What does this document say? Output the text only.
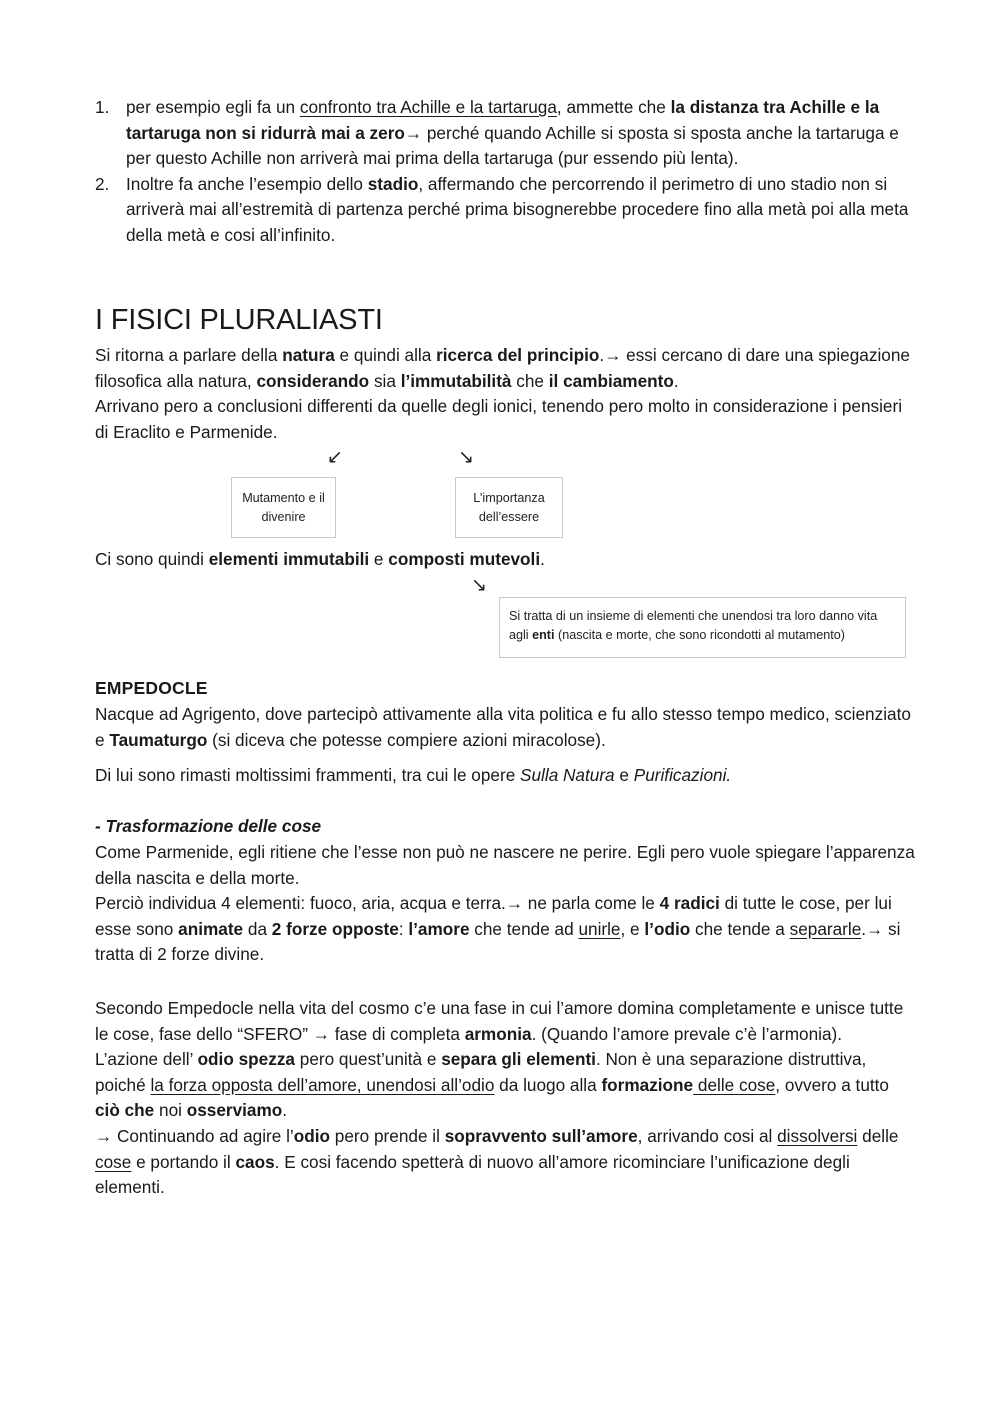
1. per esempio egli fa un confronto tra Achille e la tartaruga, ammette che la distanza tra Achille e la tartaruga non si ridurrà mai a zero→ perché quando Achille si sposta si sposta anche la tartaruga e per questo Achille non arriverà mai prima della tartaruga (pur essendo più lenta).
2. Inoltre fa anche l’esempio dello stadio, affermando che percorrendo il perimetro di uno stadio non si arriverà mai all’estremità di partenza perché prima bisognerebbe procedere fino alla metà poi alla meta della metà e cosi all’infinito.
I FISICI PLURALIASTI
Si ritorna a parlare della natura e quindi alla ricerca del principio.→ essi cercano di dare una spiegazione filosofica alla natura, considerando sia l’immutabilità che il cambiamento.
Arrivano pero a conclusioni differenti da quelle degli ionici, tenendo pero molto in considerazione i pensieri di Eraclito e Parmenide.
↙	↘
Mutamento e il divenire
L’importanza dell’essere
Ci sono quindi elementi immutabili e composti mutevoli.
↘
Si tratta di un insieme di elementi che unendosi tra loro danno vita agli enti (nascita e morte, che sono ricondotti al mutamento)
EMPEDOCLE
Nacque ad Agrigento, dove partecipò attivamente alla vita politica e fu allo stesso tempo medico, scienziato e Taumaturgo (si diceva che potesse compiere azioni miracolose).
Di lui sono rimasti moltissimi frammenti, tra cui le opere Sulla Natura e Purificazioni.
- Trasformazione delle cose
Come Parmenide, egli ritiene che l’esse non può ne nascere ne perire. Egli pero vuole spiegare l’apparenza della nascita e della morte.
Perciò individua 4 elementi: fuoco, aria, acqua e terra.→ ne parla come le 4 radici di tutte le cose, per lui esse sono animate da 2 forze opposte: l’amore che tende ad unirle, e l’odio che tende a separarle.→ si tratta di 2 forze divine.
Secondo Empedocle nella vita del cosmo c’e una fase in cui l’amore domina completamente e unisce tutte le cose, fase dello “SFERO” → fase di completa armonia. (Quando l’amore prevale c’è l’armonia).
L’azione dell’ odio spezza pero quest’unità e separa gli elementi. Non è una separazione distruttiva, poiché la forza opposta dell’amore, unendosi all’odio da luogo alla formazione delle cose, ovvero a tutto ciò che noi osserviamo.
→ Continuando ad agire l’odio pero prende il sopravvento sull’amore, arrivando cosi al dissolversi delle cose e portando il caos. E cosi facendo spetterà di nuovo all’amore ricominciare l’unificazione degli elementi.
